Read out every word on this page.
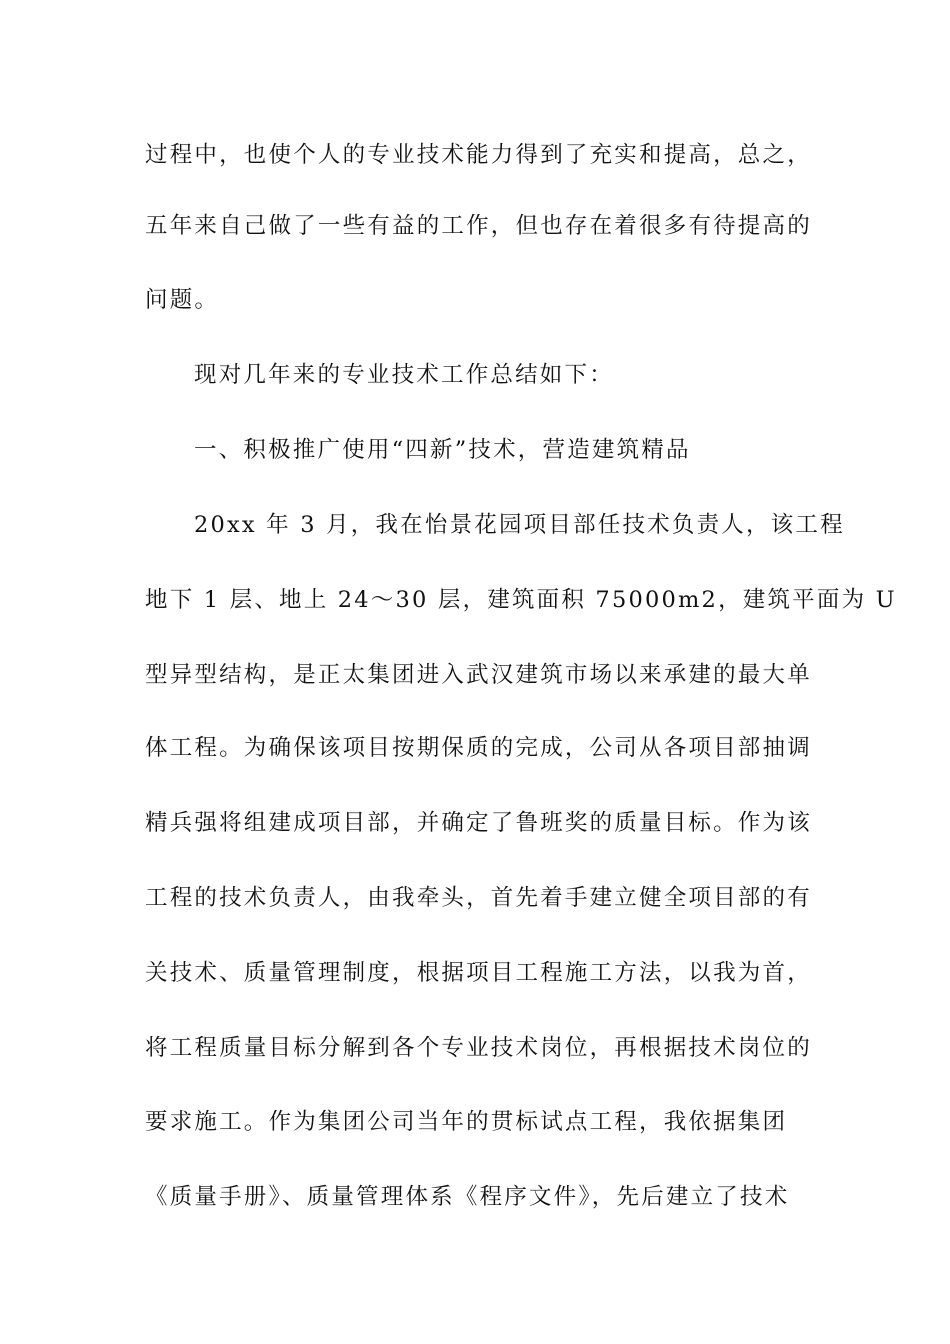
过程中，也使个人的专业技术能力得到了充实和提高，总之，
五年来自己做了一些有益的工作，但也存在着很多有待提高的
问题。
现对几年来的专业技术工作总结如下：
一、积极推广使用“四新”技术，营造建筑精品
20xx 年 3 月，我在怡景花园项目部任技术负责人，该工程
地下 1 层、地上 24～30 层，建筑面积 75000m2，建筑平面为 U
型异型结构，是正太集团进入武汉建筑市场以来承建的最大单
体工程。为确保该项目按期保质的完成，公司从各项目部抽调
精兵强将组建成项目部，并确定了鲁班奖的质量目标。作为该
工程的技术负责人，由我牵头，首先着手建立健全项目部的有
关技术、质量管理制度，根据项目工程施工方法，以我为首，
将工程质量目标分解到各个专业技术岗位，再根据技术岗位的
要求施工。作为集团公司当年的贯标试点工程，我依据集团
《质量手册》、质量管理体系《程序文件》，先后建立了技术
